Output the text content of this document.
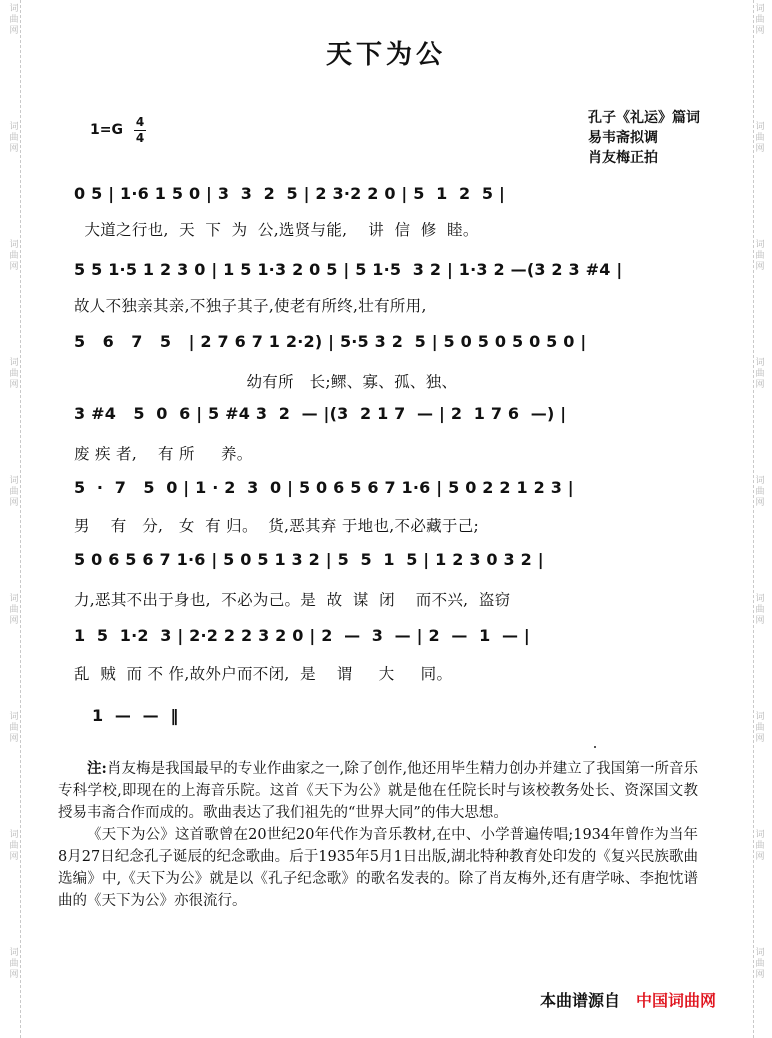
词
曲
网
词
曲
网
词
曲
网
词
曲
网
词
曲
网
词
曲
网
词
曲
网
词
曲
网
词
曲
网
词
曲
网
词
曲
网
词
曲
网
词
曲
网
词
曲
网
词
曲
网
词
曲
网
词
曲
网
词
曲
网
天下为公
1=G 4
4
孔子《礼运》篇词
易韦斋拟调
肖友梅正拍
0 5 | 1·6 1 5 0 | 3  3  2  5 | 2 3·2 2 0 | 5  1  2  5 |
大道之行也,  天  下  为  公,选贤与能,    讲  信  修  睦。
5 5 1·5 1 2 3 0 | 1 5 1·3 2 0 5 | 5 1·5  3 2 | 1·3 2 —(3 2 3 #4 |
故人不独亲其亲,不独子其子,使老有所终,壮有所用,
5   6   7   5   | 2 7 6 7 1 2·2) | 5·5 3 2  5 | 5 0 5 0 5 0 5 0 |
幼有所   长;鳏、寡、孤、独、
3 #4   5  0  6 | 5 #4 3  2  — |(3  2 1 7  — | 2  1 7 6  —) |
废 疾 者,    有 所     养。
5  ·  7   5  0 | 1 · 2  3  0 | 5 0 6 5 6 7 1·6 | 5 0 2 2 1 2 3 |
男    有   分,   女  有 归。  货,恶其弃 于地也,不必藏于己;
5 0 6 5 6 7 1·6 | 5 0 5 1 3 2 | 5  5  1  5 | 1 2 3 0 3 2 |
力,恶其不出于身也,  不必为己。是  故  谋  闭    而不兴,  盗窃
1  5  1·2  3 | 2·2 2 2 3 2 0 | 2  —  3  — | 2  —  1  — |
乱  贼  而 不 作,故外户而不闭,  是    谓     大     同。
1  —  —  ‖

注:肖友梅是我国最早的专业作曲家之一,除了创作,他还用毕生精力创办并建立了我国第一所音乐专科学校,即现在的上海音乐院。这首《天下为公》就是他在任院长时与该校教务处长、资深国文教授易韦斋合作而成的。歌曲表达了我们祖先的“世界大同”的伟大思想。

《天下为公》这首歌曾在20世纪20年代作为音乐教材,在中、小学普遍传唱;1934年曾作为当年8月27日纪念孔子诞辰的纪念歌曲。后于1935年5月1日出版,湖北特种教育处印发的《复兴民族歌曲选编》中,《天下为公》就是以《孔子纪念歌》的歌名发表的。除了肖友梅外,还有唐学咏、李抱忱谱曲的《天下为公》亦很流行。

本曲谱源自 中国词曲网
